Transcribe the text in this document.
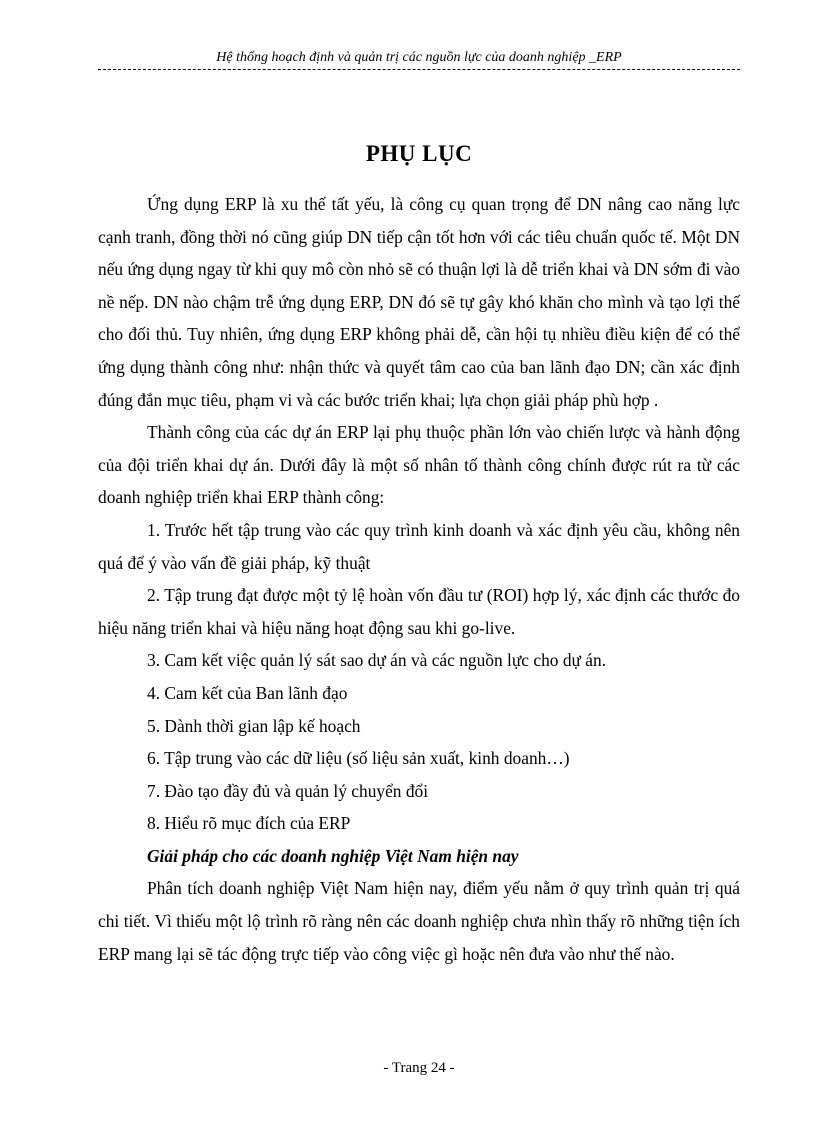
Hệ thống hoạch định và quản trị các nguồn lực của doanh nghiệp _ERP
PHỤ LỤC

Ứng dụng ERP là xu thế tất yếu, là công cụ quan trọng để DN nâng cao năng lực cạnh tranh, đồng thời nó cũng giúp DN tiếp cận tốt hơn với các tiêu chuẩn quốc tế. Một DN nếu ứng dụng ngay từ khi quy mô còn nhỏ sẽ có thuận lợi là dễ triển khai và DN sớm đi vào nề nếp. DN nào chậm trễ ứng dụng ERP, DN đó sẽ tự gây khó khăn cho mình và tạo lợi thế cho đối thủ. Tuy nhiên, ứng dụng ERP không phải dễ, cần hội tụ nhiều điều kiện để có thể ứng dụng thành công như: nhận thức và quyết tâm cao của ban lãnh đạo DN; cần xác định đúng đắn mục tiêu, phạm vi và các bước triển khai; lựa chọn giải pháp phù hợp .

Thành công của các dự án ERP lại phụ thuộc phần lớn vào chiến lược và hành động của đội triển khai dự án. Dưới đây là một số nhân tố thành công chính được rút ra từ các doanh nghiệp triển khai ERP thành công:

1. Trước hết tập trung vào các quy trình kinh doanh và xác định yêu cầu, không nên quá để ý vào vấn đề giải pháp, kỹ thuật

2. Tập trung đạt được một tỷ lệ hoàn vốn đầu tư (ROI) hợp lý, xác định các thước đo hiệu năng triển khai và hiệu năng hoạt động sau khi go-live.

3. Cam kết việc quản lý sát sao dự án và các nguồn lực cho dự án.

4. Cam kết của Ban lãnh đạo

5. Dành thời gian lập kế hoạch

6. Tập trung vào các dữ liệu (số liệu sản xuất, kinh doanh…)

7. Đào tạo đầy đủ và quản lý chuyển đổi

8. Hiểu rõ mục đích của ERP

Giải pháp cho các doanh nghiệp Việt Nam hiện nay

Phân tích doanh nghiệp Việt Nam hiện nay, điểm yếu nằm ở quy trình quản trị quá chi tiết. Vì thiếu một lộ trình rõ ràng nên các doanh nghiệp chưa nhìn thấy rõ những tiện ích ERP mang lại sẽ tác động trực tiếp vào công việc gì hoặc nên đưa vào như thế nào.

- Trang 24 -
